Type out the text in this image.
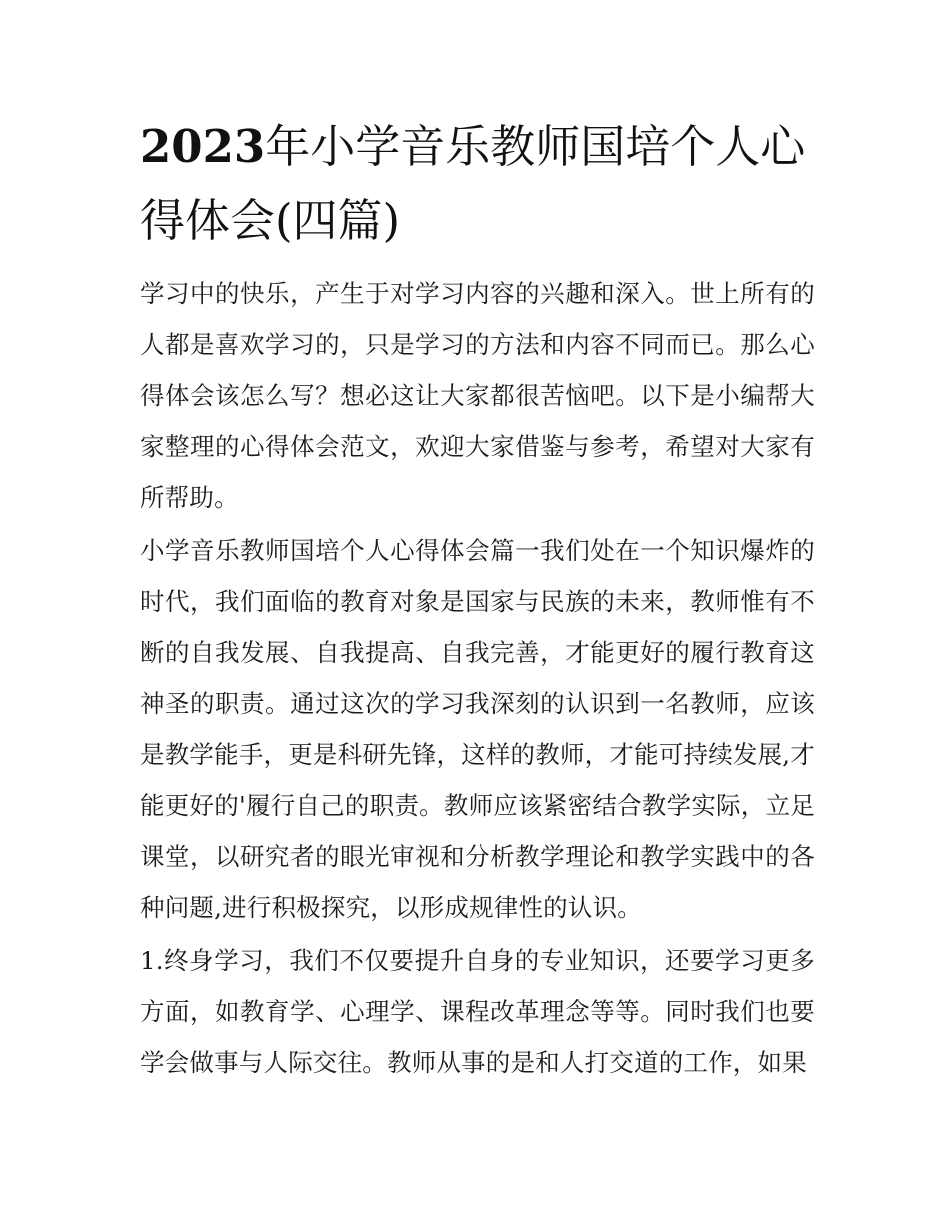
2023年小学音乐教师国培个人心得体会(四篇)

学习中的快乐，产生于对学习内容的兴趣和深入。世上所有的人都是喜欢学习的，只是学习的方法和内容不同而已。那么心得体会该怎么写？想必这让大家都很苦恼吧。以下是小编帮大家整理的心得体会范文，欢迎大家借鉴与参考，希望对大家有所帮助。

小学音乐教师国培个人心得体会篇一我们处在一个知识爆炸的时代，我们面临的教育对象是国家与民族的未来，教师惟有不断的自我发展、自我提高、自我完善，才能更好的履行教育这神圣的职责。通过这次的学习我深刻的认识到一名教师，应该是教学能手，更是科研先锋，这样的教师，才能可持续发展,才能更好的'履行自己的职责。教师应该紧密结合教学实际，立足课堂，以研究者的眼光审视和分析教学理论和教学实践中的各种问题,进行积极探究，以形成规律性的认识。

1.终身学习，我们不仅要提升自身的专业知识，还要学习更多方面，如教育学、心理学、课程改革理念等等。同时我们也要学会做事与人际交往。教师从事的是和人打交道的工作，如果
